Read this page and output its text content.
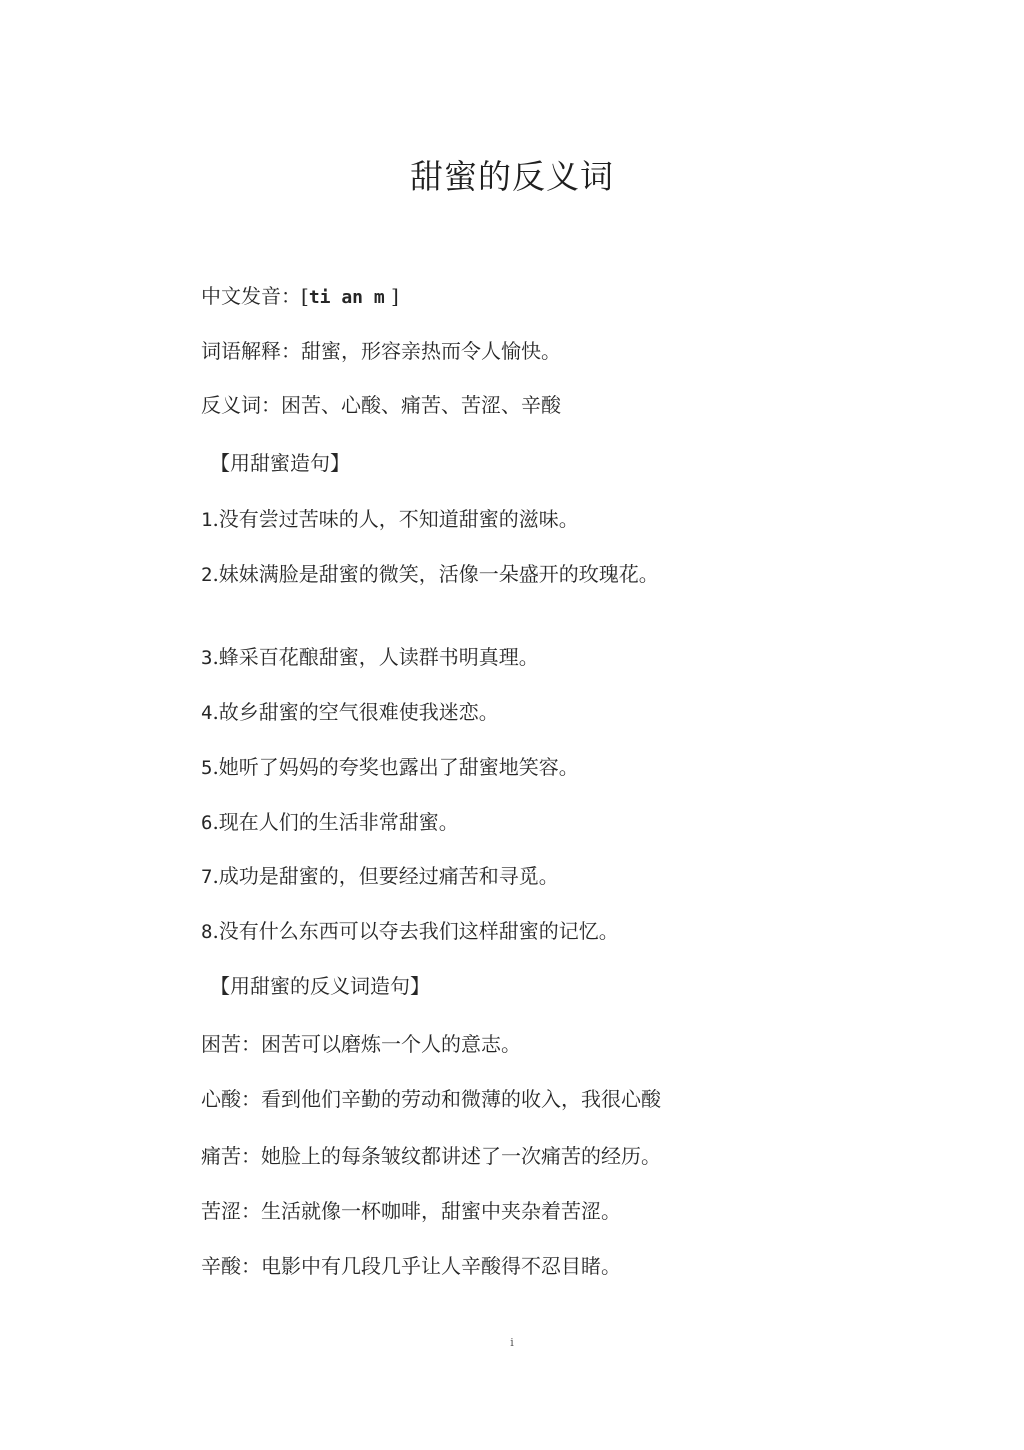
甜蜜的反义词
中文发音：[ti an m ]
词语解释：甜蜜，形容亲热而令人愉快。
反义词：困苦、心酸、痛苦、苦涩、辛酸
【用甜蜜造句】
1.没有尝过苦味的人，不知道甜蜜的滋味。
2.妹妹满脸是甜蜜的微笑，活像一朵盛开的玫瑰花。
3.蜂采百花酿甜蜜，人读群书明真理。
4.故乡甜蜜的空气很难使我迷恋。
5.她听了妈妈的夸奖也露出了甜蜜地笑容。
6.现在人们的生活非常甜蜜。
7.成功是甜蜜的，但要经过痛苦和寻觅。
8.没有什么东西可以夺去我们这样甜蜜的记忆。
【用甜蜜的反义词造句】
困苦：困苦可以磨炼一个人的意志。
心酸：看到他们辛勤的劳动和微薄的收入，我很心酸
痛苦：她脸上的每条皱纹都讲述了一次痛苦的经历。
苦涩：生活就像一杯咖啡，甜蜜中夹杂着苦涩。
辛酸：电影中有几段几乎让人辛酸得不忍目睹。
i
